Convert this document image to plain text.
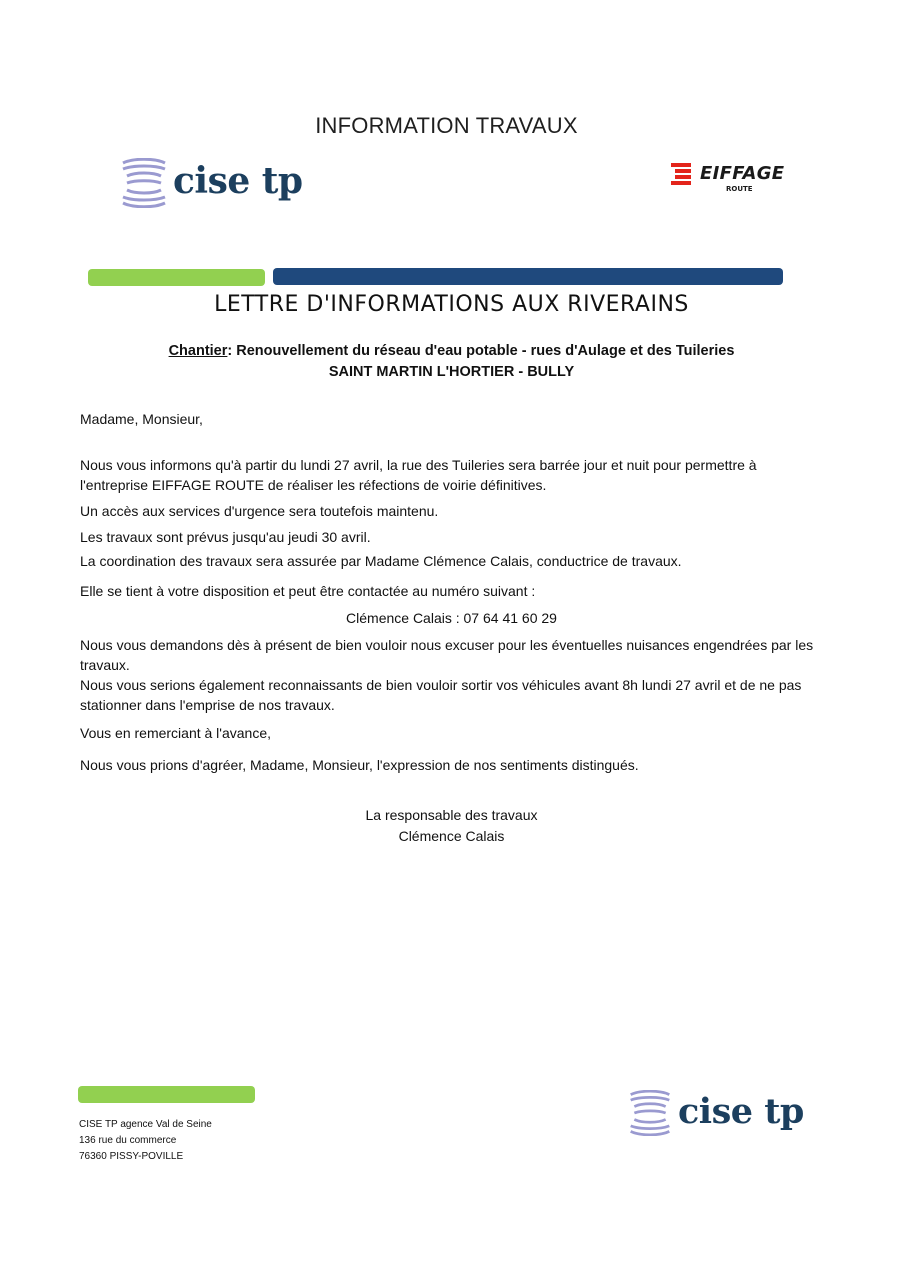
INFORMATION TRAVAUX
cise tp	EIFFAGE
ROUTE
LETTRE D'INFORMATIONS AUX RIVERAINS
Chantier: Renouvellement du réseau d'eau potable - rues d'Aulage et des Tuileries
SAINT MARTIN L'HORTIER - BULLY
Madame, Monsieur,
Nous vous informons qu'à partir du lundi 27 avril, la rue des Tuileries sera barrée jour et nuit pour permettre à l'entreprise EIFFAGE ROUTE de réaliser les réfections de voirie définitives.
Un accès aux services d'urgence sera toutefois maintenu.
Les travaux sont prévus jusqu'au jeudi 30 avril.
La coordination des travaux sera assurée par Madame Clémence Calais, conductrice de travaux.
Elle se tient à votre disposition et peut être contactée au numéro suivant :
Clémence Calais : 07 64 41 60 29
Nous vous demandons dès à présent de bien vouloir nous excuser pour les éventuelles nuisances engendrées par les travaux.
Nous vous serions également reconnaissants de bien vouloir sortir vos véhicules avant 8h lundi 27 avril et de ne pas stationner dans l'emprise de nos travaux.
Vous en remerciant à l'avance,
Nous vous prions d'agréer, Madame, Monsieur, l'expression de nos sentiments distingués.
La responsable des travaux
Clémence Calais
CISE TP agence Val de Seine
136 rue du commerce
76360 PISSY-POVILLE
cise tp
